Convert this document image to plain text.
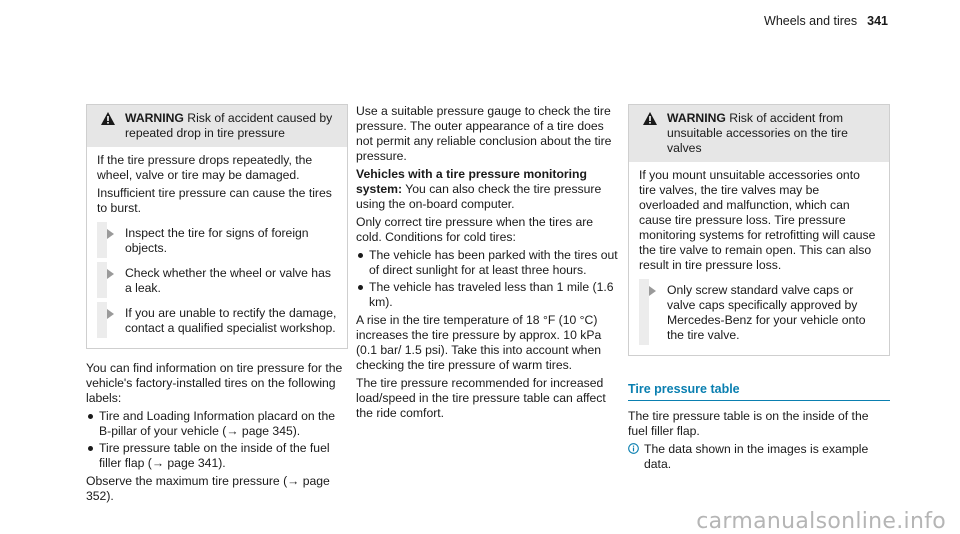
Wheels and tires 341
WARNING Risk of accident caused by repeated drop in tire pressure

If the tire pressure drops repeatedly, the wheel, valve or tire may be damaged.

Insufficient tire pressure can cause the tires to burst.

Inspect the tire for signs of foreign objects.
Check whether the wheel or valve has a leak.
If you are unable to rectify the damage, contact a qualified specialist workshop.

You can find information on tire pressure for the vehicle's factory-installed tires on the following labels:

Tire and Loading Information placard on the B-pillar of your vehicle (→ page 345).
Tire pressure table on the inside of the fuel filler flap (→ page 341).

Observe the maximum tire pressure (→ page 352).

Use a suitable pressure gauge to check the tire pressure. The outer appearance of a tire does not permit any reliable conclusion about the tire pressure.

Vehicles with a tire pressure monitoring system: You can also check the tire pressure using the on-board computer.

Only correct tire pressure when the tires are cold. Conditions for cold tires:

The vehicle has been parked with the tires out of direct sunlight for at least three hours.
The vehicle has traveled less than 1 mile (1.6 km).

A rise in the tire temperature of 18 °F (10 °C) increases the tire pressure by approx. 10 kPa (0.1 bar/ 1.5 psi). Take this into account when checking the tire pressure of warm tires.

The tire pressure recommended for increased load/speed in the tire pressure table can affect the ride comfort.

WARNING Risk of accident from unsuitable accessories on the tire valves

If you mount unsuitable accessories onto tire valves, the tire valves may be overloaded and malfunction, which can cause tire pressure loss. Tire pressure monitoring systems for retrofitting will cause the tire valve to remain open. This can also result in tire pressure loss.

Only screw standard valve caps or valve caps specifically approved by Mercedes-Benz for your vehicle onto the tire valve.
Tire pressure table

The tire pressure table is on the inside of the fuel filler flap.

The data shown in the images is example data.
carmanualsonline.info
